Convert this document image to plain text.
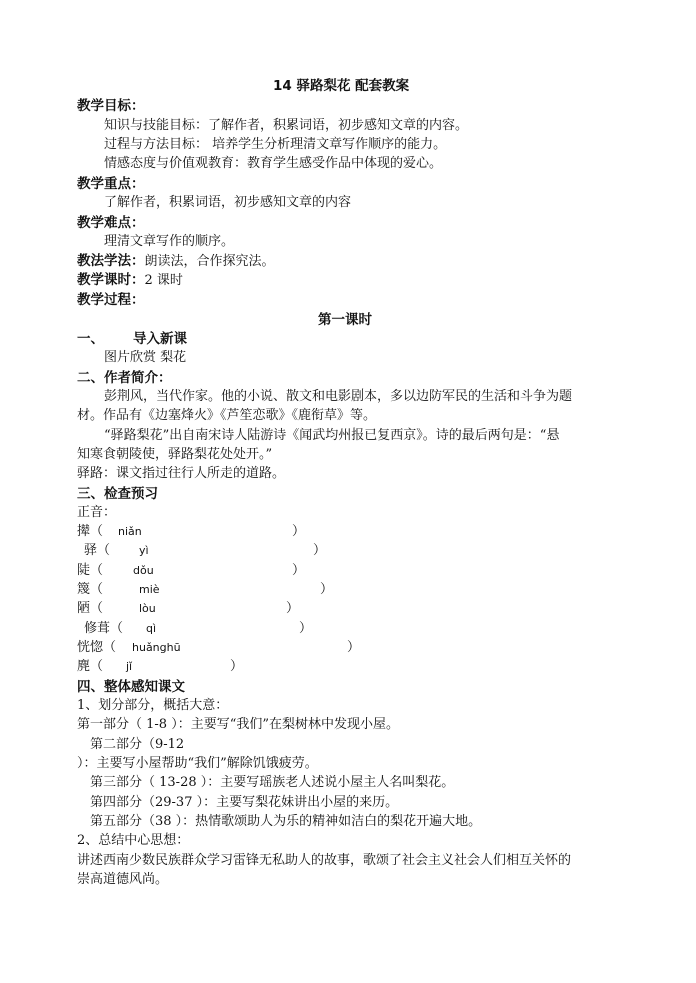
14 驿路梨花 配套教案
教学目标：
知识与技能目标：了解作者，积累词语，初步感知文章的内容。
过程与方法目标： 培养学生分析理清文章写作顺序的能力。
情感态度与价值观教育：教育学生感受作品中体现的爱心。
教学重点：
了解作者，积累词语，初步感知文章的内容
教学难点：
理清文章写作的顺序。
教法学法：朗读法，合作探究法。
教学课时：2 课时
教学过程：
第一课时
一、 导入新课
图片欣赏 梨花
二、作者简介：
彭荆风，当代作家。他的小说、散文和电影剧本，多以边防军民的生活和斗争为题
材。作品有《边塞烽火》《芦笙恋歌》《鹿衔草》等。
“驿路梨花”出自南宋诗人陆游诗《闻武均州报已复西京》。诗的最后两句是：“悬
知寒食朝陵使，驿路梨花处处开。”
驿路：课文指过往行人所走的道路。
三、检查预习
正音：
撵（ niǎn	）
驿（	yì	）
陡（	dǒu	）
篾（	miè	）
陋（	lòu	）
修葺（ qì	）
恍惚（ huǎnghū	）
麂（ jǐ	）
四、整体感知课文
1、划分部分，概括大意：
第一部分（ 1-8 ）：主要写“我们”在梨树林中发现小屋。
第二部分（9-12
）：主要写小屋帮助“我们”解除饥饿疲劳。
第三部分（ 13-28 ）：主要写瑶族老人述说小屋主人名叫梨花。
第四部分（29-37 ）：主要写梨花妹讲出小屋的来历。
第五部分（38 ）：热情歌颂助人为乐的精神如洁白的梨花开遍大地。
2、总结中心思想：
讲述西南少数民族群众学习雷锋无私助人的故事，歌颂了社会主义社会人们相互关怀的
崇高道德风尚。
